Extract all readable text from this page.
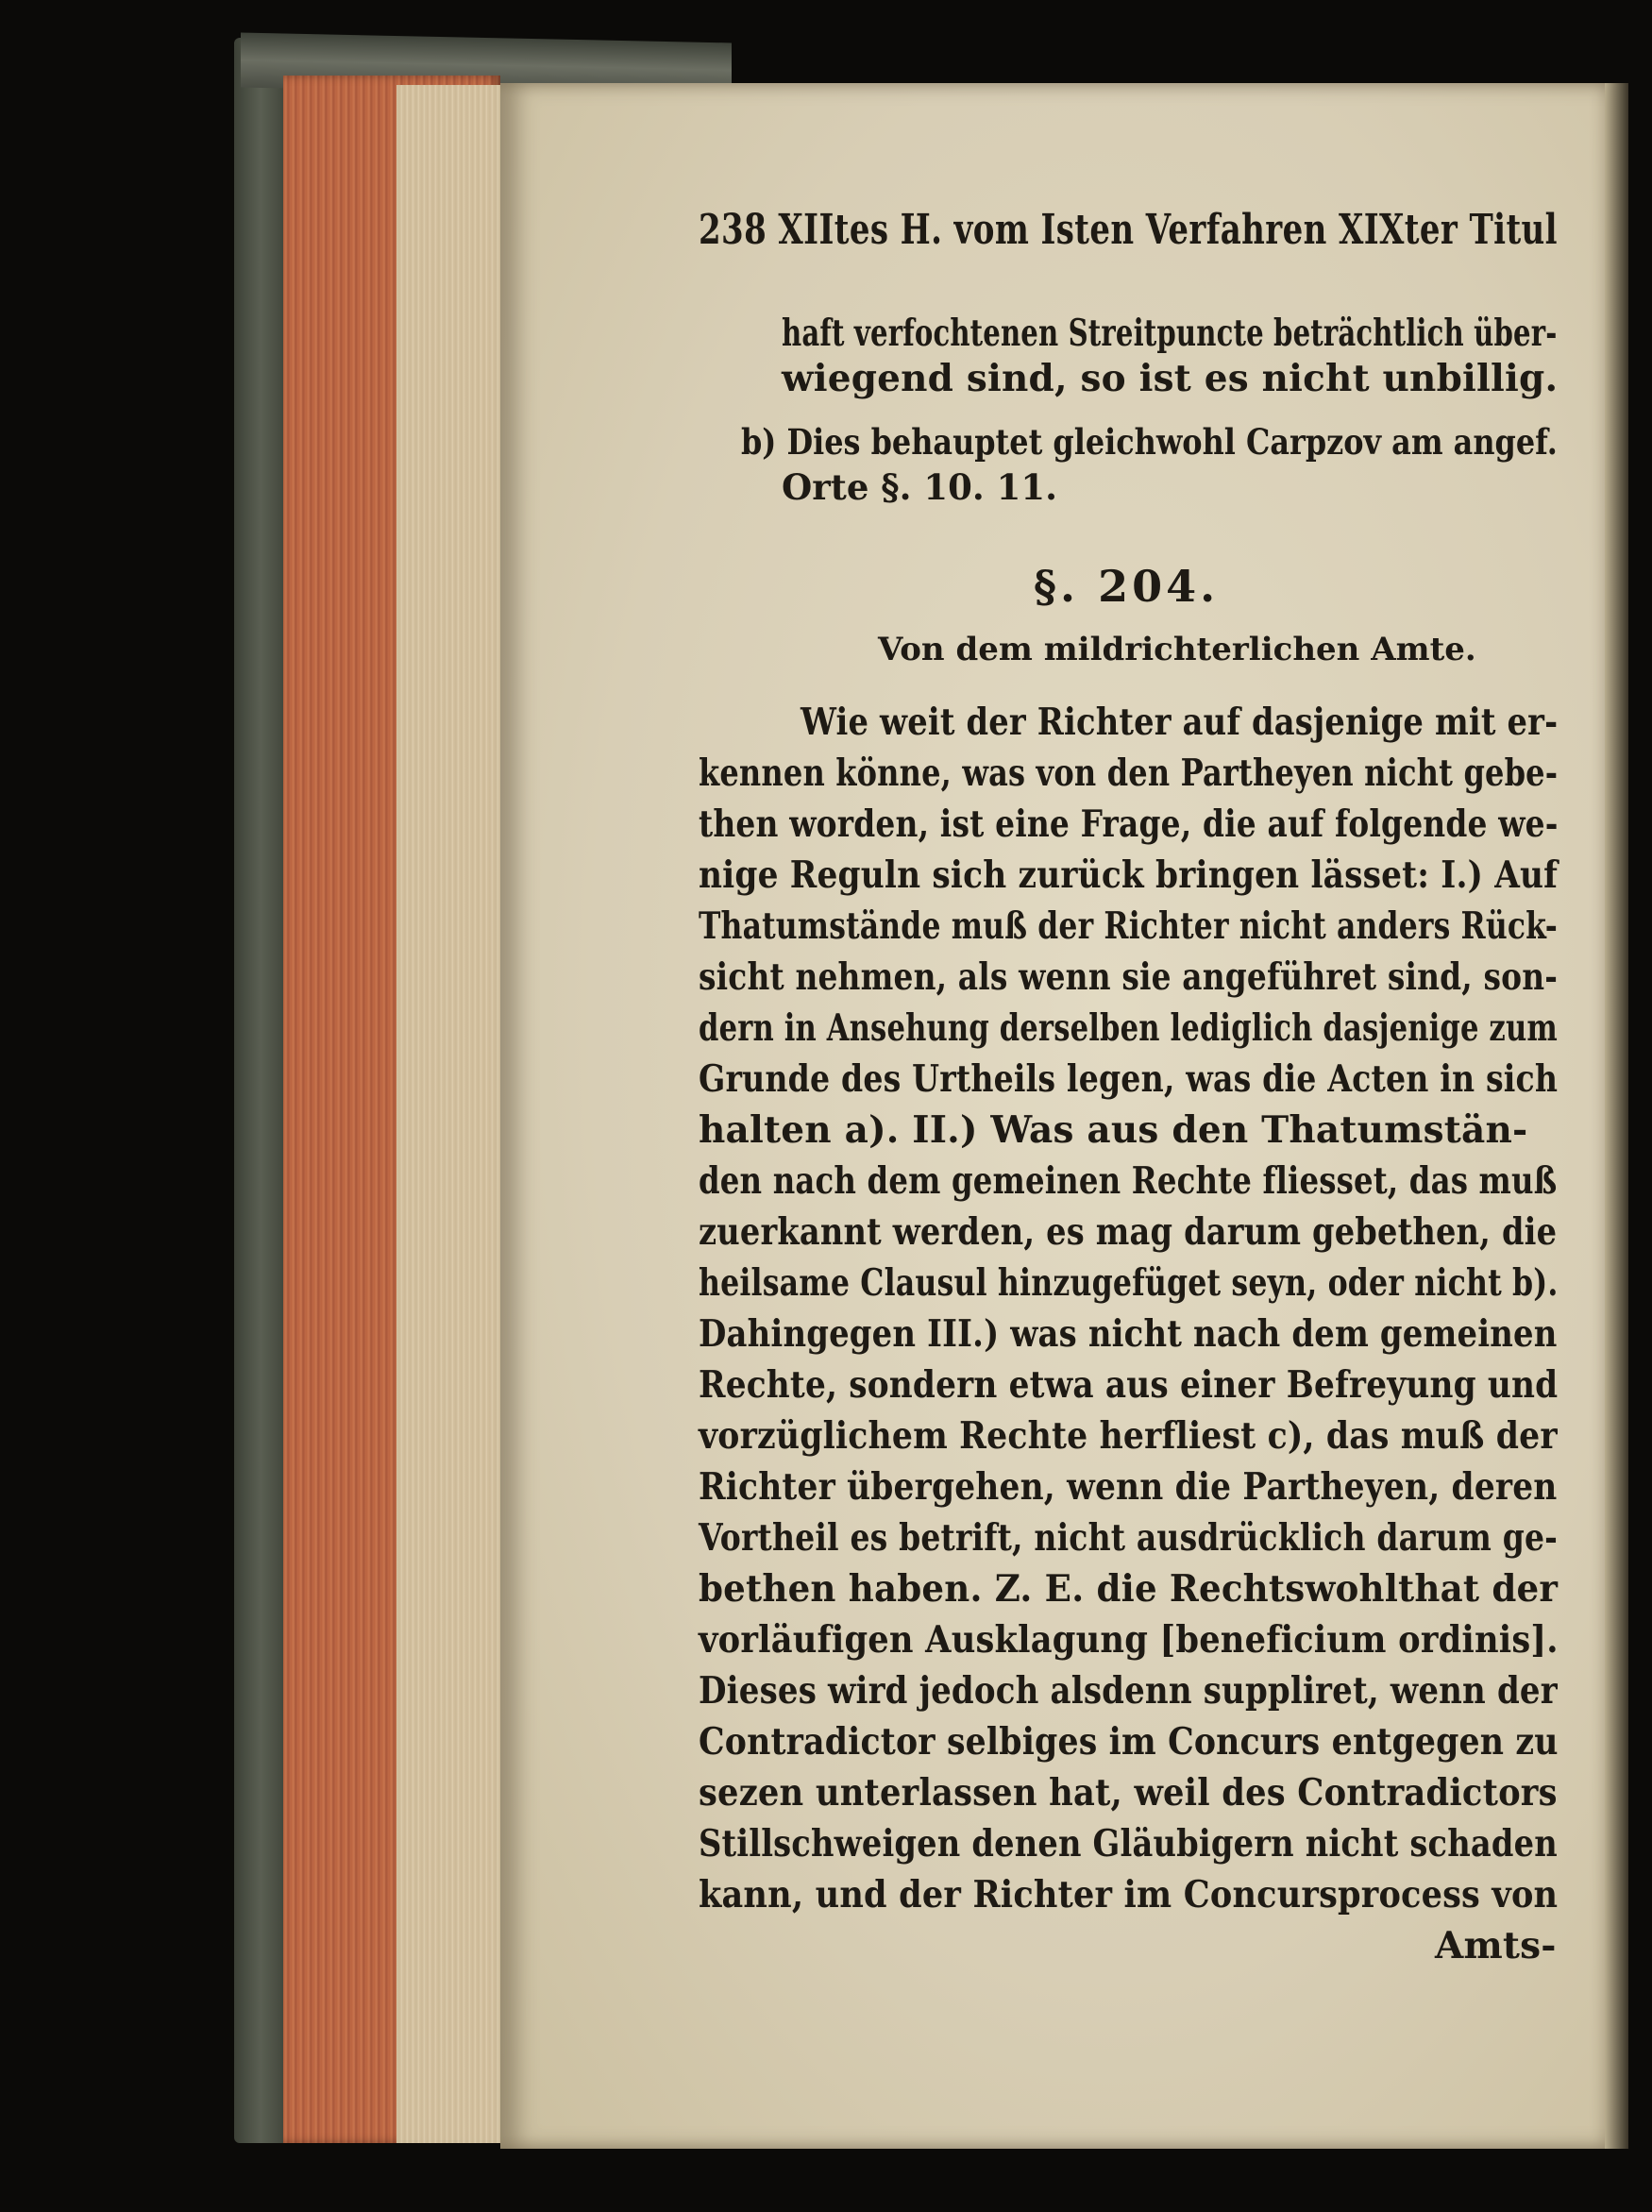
238 XIItes H. vom Isten Verfahren XIXter Titul
haft verfochtenen Streitpuncte beträchtlich über-
wiegend sind, so ist es nicht unbillig.
b) Dies behauptet gleichwohl Carpzov am angef.
Orte §. 10. 11.
§. 204.
Von dem mildrichterlichen Amte.
Wie weit der Richter auf dasjenige mit er-
kennen könne, was von den Partheyen nicht gebe-
then worden, ist eine Frage, die auf folgende we-
nige Reguln sich zurück bringen lässet: I.) Auf
Thatumstände muß der Richter nicht anders Rück-
sicht nehmen, als wenn sie angeführet sind, son-
dern in Ansehung derselben lediglich dasjenige zum
Grunde des Urtheils legen, was die Acten in sich
halten a). II.) Was aus den Thatumstän-
den nach dem gemeinen Rechte fliesset, das muß
zuerkannt werden, es mag darum gebethen, die
heilsame Clausul hinzugefüget seyn, oder nicht b).
Dahingegen III.) was nicht nach dem gemeinen
Rechte, sondern etwa aus einer Befreyung und
vorzüglichem Rechte herfliest c), das muß der
Richter übergehen, wenn die Partheyen, deren
Vortheil es betrift, nicht ausdrücklich darum ge-
bethen haben. Z. E. die Rechtswohlthat der
vorläufigen Ausklagung [beneficium ordinis].
Dieses wird jedoch alsdenn suppliret, wenn der
Contradictor selbiges im Concurs entgegen zu
sezen unterlassen hat, weil des Contradictors
Stillschweigen denen Gläubigern nicht schaden
kann, und der Richter im Concursprocess von
Amts-
